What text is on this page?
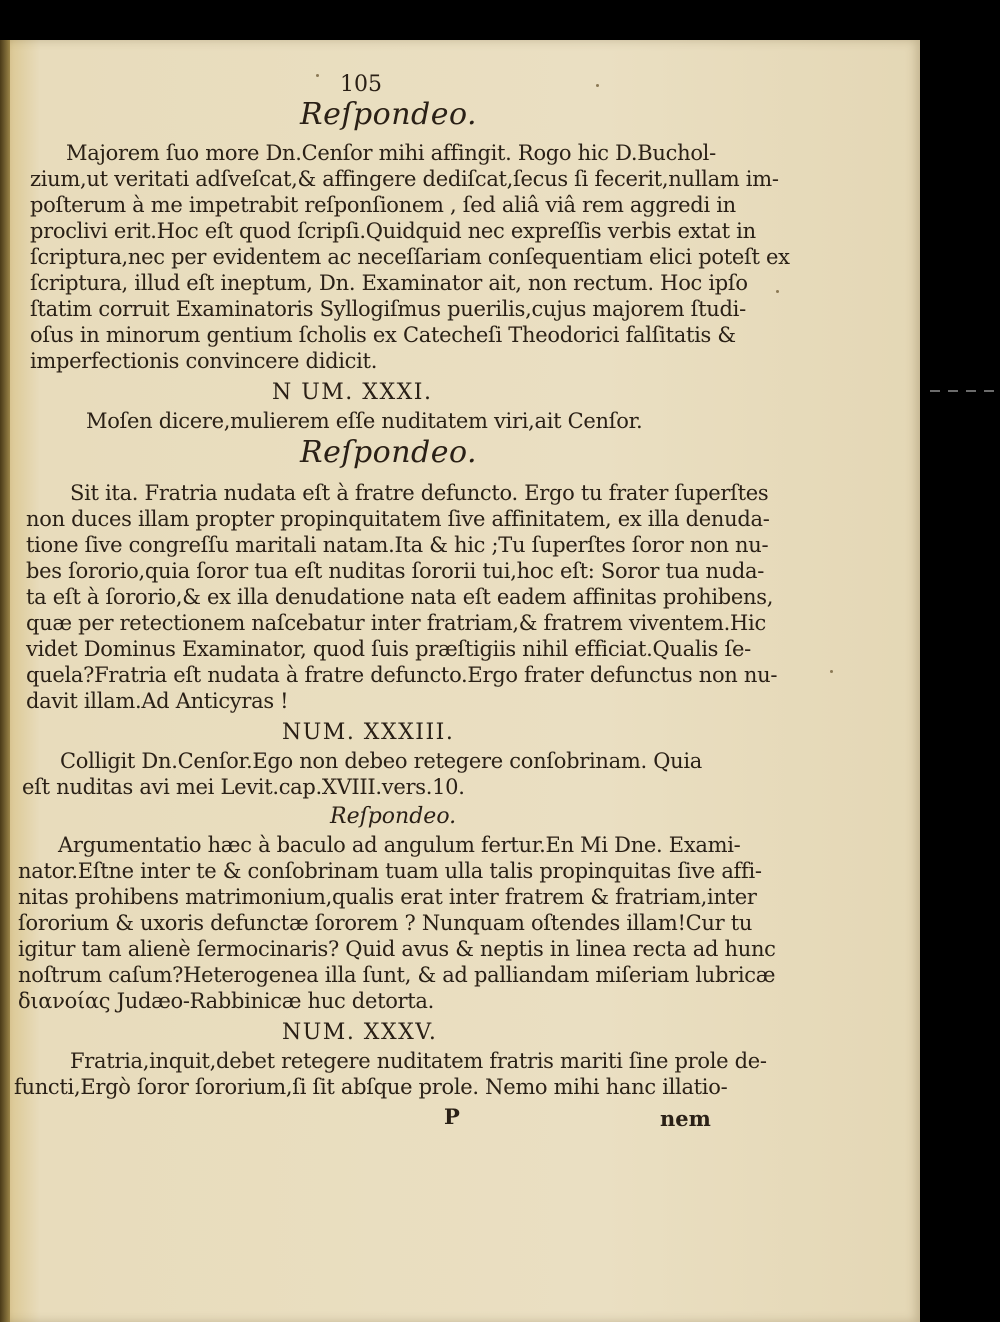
105
Reſpondeo.
Majorem ſuo more Dn.Cenſor mihi affingit. Rogo hic D.Buchol-
zium,ut veritati adſveſcat,& affingere dediſcat,ſecus ſi fecerit,nullam im-
poſterum à me impetrabit reſponſionem , ſed aliâ viâ rem aggredi in
proclivi erit.Hoc eſt quod ſcripſi.Quidquid nec expreſſis verbis extat in
ſcriptura,nec per evidentem ac neceſſariam conſequentiam elici poteſt ex
ſcriptura, illud eſt ineptum, Dn. Examinator ait, non rectum. Hoc ipſo
ſtatim corruit Examinatoris Syllogiſmus puerilis,cujus majorem ſtudi-
oſus in minorum gentium ſcholis ex Catecheſi Theodorici falſitatis &
imperfectionis convincere didicit.
N UM. XXXI.
Moſen dicere,mulierem eſſe nuditatem viri,ait Cenſor.
Reſpondeo.
Sit ita. Fratria nudata eſt à fratre defuncto. Ergo tu frater ſuperſtes
non duces illam propter propinquitatem ſive affinitatem, ex illa denuda-
tione ſive congreſſu maritali natam.Ita & hic ;Tu ſuperſtes ſoror non nu-
bes ſororio,quia ſoror tua eſt nuditas ſororii tui,hoc eſt: Soror tua nuda-
ta eſt à ſororio,& ex illa denudatione nata eſt eadem affinitas prohibens,
quæ per retectionem naſcebatur inter fratriam,& fratrem viventem.Hic
videt Dominus Examinator, quod ſuis præſtigiis nihil efficiat.Qualis ſe-
quela?Fratria eſt nudata à fratre defuncto.Ergo frater defunctus non nu-
davit illam.Ad Anticyras !
NUM. XXXIII.
Colligit Dn.Cenſor.Ego non debeo retegere conſobrinam. Quia
eſt nuditas avi mei Levit.cap.XVIII.vers.10.
Reſpondeo.
Argumentatio hæc à baculo ad angulum fertur.En Mi Dne. Exami-
nator.Eſtne inter te & conſobrinam tuam ulla talis propinquitas ſive affi-
nitas prohibens matrimonium,qualis erat inter fratrem & fratriam,inter
ſororium & uxoris defunctæ ſororem ? Nunquam oſtendes illam!Cur tu
igitur tam alienè ſermocinaris? Quid avus & neptis in linea recta ad hunc
noſtrum caſum?Heterogenea illa ſunt, & ad palliandam miſeriam lubricæ
διανοίας Judæo-Rabbinicæ huc detorta.
NUM. XXXV.
Fratria,inquit,debet retegere nuditatem fratris mariti ſine prole de-
functi,Ergò ſoror ſororium,ſi ſit abſque prole. Nemo mihi hanc illatio-
P	nem
